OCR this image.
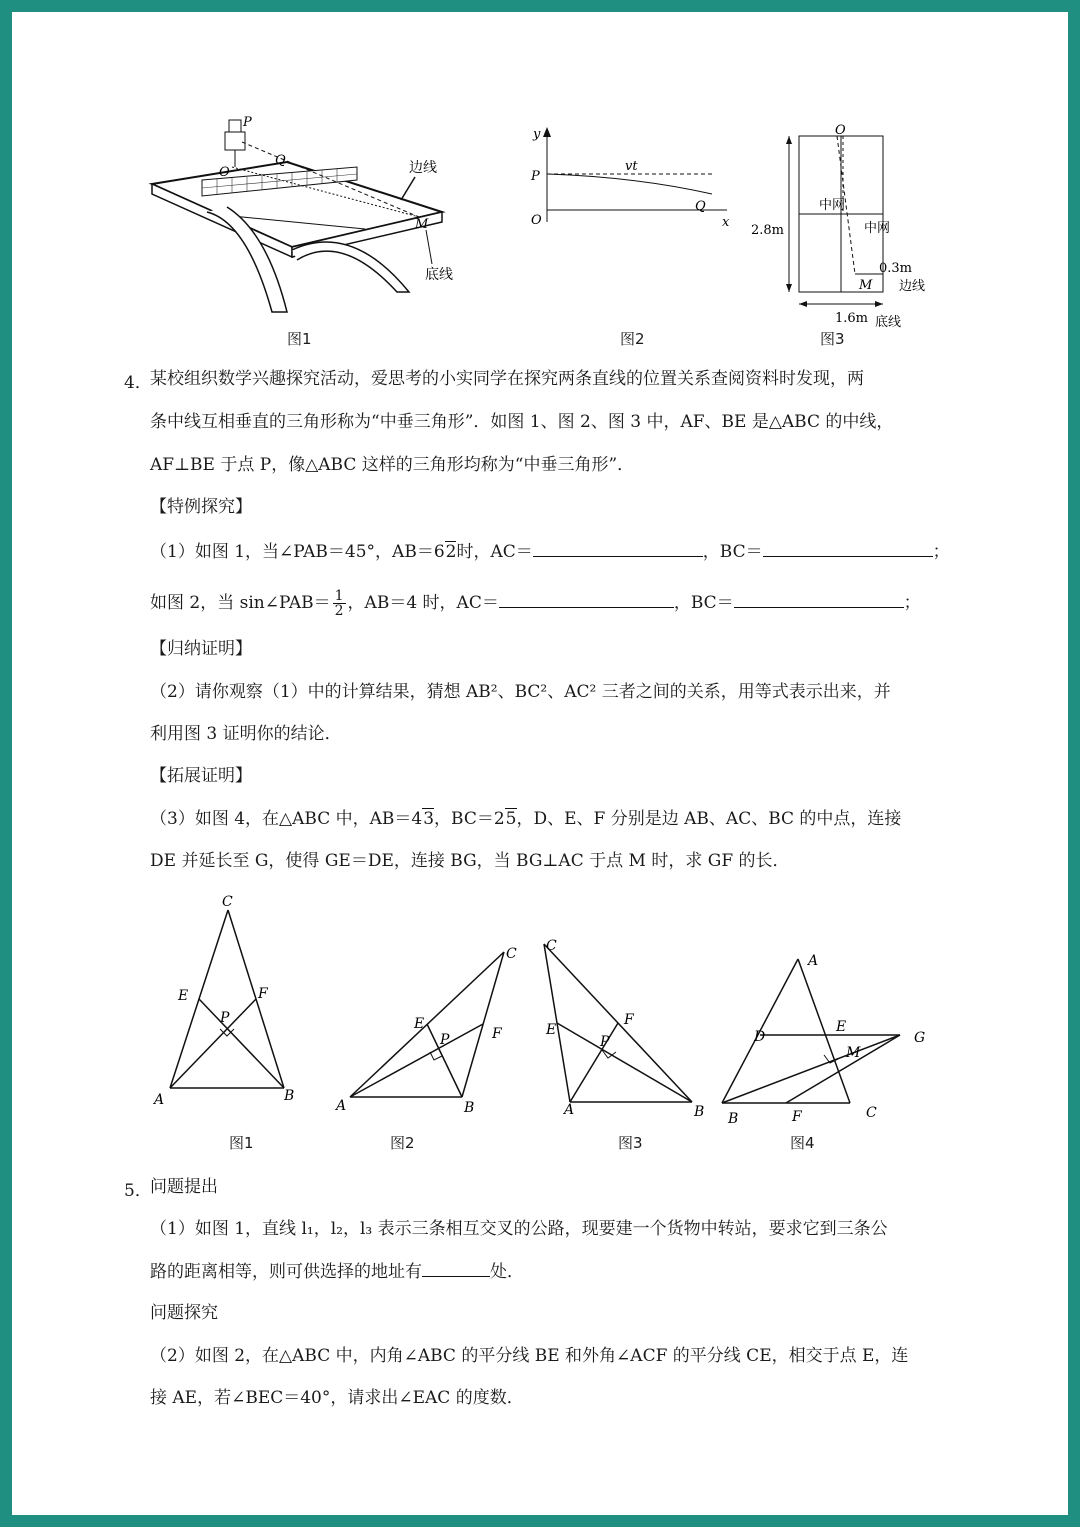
P
O
Q
M
边线
底线
图1
y
x
P
O
Q
vt
图2
O
中网
中网
2.8m
0.3m
M 边线
1.6m 底线
图3
4．
某校组织数学兴趣探究活动，爱思考的小实同学在探究两条直线的位置关系查阅资料时发现，两
条中线互相垂直的三角形称为“中垂三角形”．如图 1、图 2、图 3 中，AF、BE 是△ABC 的中线，
AF⊥BE 于点 P，像△ABC 这样的三角形均称为“中垂三角形”．
【特例探究】
（1）如图 1，当∠PAB＝45°，AB＝62时，AC＝	，BC＝	；
如图 2，当 sin∠PAB＝ $\frac{1}{2}$ ，AB＝4 时，AC＝	，BC＝	；
【归纳证明】
（2）请你观察（1）中的计算结果，猜想 AB²、BC²、AC² 三者之间的关系，用等式表示出来，并
利用图 3 证明你的结论．
【拓展证明】
（3）如图 4，在△ABC 中，AB＝43，BC＝25，D、E、F 分别是边 AB、AC、BC 的中点，连接
DE 并延长至 G，使得 GE＝DE，连接 BG，当 BG⊥AC 于点 M 时，求 GF 的长．
C
E	F
P
A	B
图1
C
E
P	F
A	B
图2
C
E
P
F
A	B
图3
A
D
E
G
M
B	F	C
图4
5．
问题提出
（1）如图 1，直线 l₁，l₂，l₃ 表示三条相互交叉的公路，现要建一个货物中转站，要求它到三条公
路的距离相等，则可供选择的地址有	处．
问题探究
（2）如图 2，在△ABC 中，内角∠ABC 的平分线 BE 和外角∠ACF 的平分线 CE，相交于点 E，连
接 AE，若∠BEC＝40°，请求出∠EAC 的度数．
